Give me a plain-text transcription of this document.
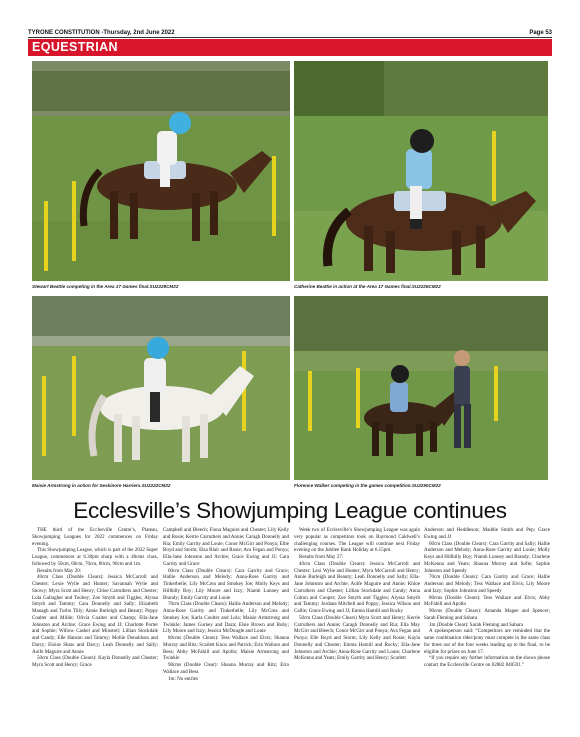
TYRONE CONSTITUTION -Thursday, 2nd June 2022	Page 53
EQUESTRIAN
Stewart Beattie competing in the Area 17 Games final.SU2229CM22	Catherine Beattie in action at the Area 17 Games final.SU2226CM22
Maisie Armstrong in action for Seskinore Harriers.SU2222CM22	Florence Walker competing in the games competition.SU2290CM22
Ecclesville’s Showjumping League continues

THE third of the Ecclesville Centre’s, Plateau, Showjumping Leagues for 2022 commences on Friday evening.

This Showjumping League, which is part of the 2022 Super League, commences at 6.30pm sharp with a 40cms class, followed by 50cm, 60cm, 70cm, 80cm, 90cm and 1m.

Results from May 20:

40cm Class (Double Clears): Jessica McCarroll and Chester; Lexie Wylie and Hunter; Savannah Wylie and Snowy; Myra Scott and Henry; Chloe Carruthers and Chester; Lola Gallagher and Toohey; Zoe Smyth and Tiggles; Alyssa Smyth and Tammy; Cara Donnelly and Sally; Elizabeth Managh and Turbo Tilly; Annie Burleigh and Beauty; Poppy Coalter and Millie; Olivia Coalter and Champ; Ella-Jane Johnston and Archie; Grace Ewing and JJ; Charlotte Porter and Sophie; Willow Cashel and Minstrel; Lillian Stockdale and Candy; Elle Hanson and Tammy; Mollie Donaldson and Darcy; Eloise Shaw and Darcy; Leah Donnelly and Sally; Aoife Maguire and Annie

50cm Class (Double Clears): Kayla Donnelly and Chester; Myra Scott and Henry; Grace

Campbell and Bleech; Fiona Maguire and Chester; Lily Kelly and Rosie; Kerrie Carruthers and Annie; Caragh Donnelly and Ria; Emily Garrity and Louie; Conor McGirr and Ponya; Ellie Boyd and Storm; Elsa Blair and Rosie; Ava Fegan and Ponya; Ella-Jane Johnston and Archie; Grace Ewing and JJ; Cara Garrity and Grace

60cm Class (Double Clears): Cara Garrity and Grace; Hallie Anderson and Melody; Anna-Rose Garrity and Tinkerbelle; Lily McCrea and Smokey Joe; Molly Keys and Hillbilly Boy; Lily Moore and Izzy; Niamh Lunney and Brandy; Emily Garrity and Louie

70cm Class (Double Clears): Hallie Anderson and Melody; Anna-Rose Garrity and Tinkerbelle; Lily McCrea and Smokey Joe; Karla Coulter and Lola; Maisie Armstrong and Twinkle; James Gurney and Daza; Elsie Brown and Ruby; Lily Moore and Izzy; Jessica McDougle and Louie

80cms (Double Clears): Tess Wallace and Elvis; Shauna Murray and Ritz; Scarlett Knox and Patrick; Erin Wallace and Bess; Abby McFahill and Apollo; Maisie Armstrong and Twinkle

90cms (Double Clear): Shauna Murray and Ritz; Erin Wallace and Bess

1m: No entries

Week two of Ecclesville’s Showjumping League was again very popular as competitors took on Raymond Caldwell’s challenging courses. The League will continue next Friday evening on the Jubilee Bank Holiday at 6.15pm.

Results from May 27:

40cm Class (Double Clears): Jessica McCarroll and Chester; Lexi Wylie and Hunter; Myra McCarroll and Henry; Annie Burleigh and Beauty; Leah Donnelly and Sally; Ella-Jane Johnston and Archie; Aoife Maguire and Annie; Khloe Carruthers and Chester; Lillian Stockdale and Candy; Anna Colton and Cooper; Zoe Smyth and Tiggles; Alyssa Smyth and Tammy; Jordana Mitchell and Poppy; Jessica Wilson and Callie; Grace Ewing and JJ; Emma Hamill and Rocky

50cm Class (Double Clears) Myra Scott and Henry; Kerrie Carruthers and Annie; Caragh Donnelly and Ria; Ella May McGirr and Bleech; Conor McGirr and Ponya; Ava Fegan and Ponya; Elle Boyd and Storm; Lily Kelly and Rosie; Kayla Donnelly and Chester; Emma Hamill and Rocky; Ella-Jane Johnston and Archie; Anna-Rose Garrity and Louie; Charlene McKenna and Yeats; Emily Garrity and Henry; Scarlett

Anderson and Heddleson; Maddie Smith and Pep; Grace Ewing and JJ

60cm Class (Double Clears): Cara Garrity and Sally; Hallie Anderson and Melody; Anna-Rose Garrity and Louie; Molly Keys and Hillbilly Boy; Niamh Lunney and Brandy; Charlene McKenna and Yeats; Shauna Murray and Sofie; Sophie Johnston and Speedy

70cm (Double Clears): Cara Garrity and Grace; Hallie Anderson and Melody; Tess Wallace and Elvis; Lily Moore and Izzy; Sophie Johnston and Speedy

80cms (Double Clears): Tess Wallace and Elvis; Abby McFahill and Apollo

90cms (Double Clears): Amanda Magee and Spencer; Sarah Fleming and Sahara

1m (Double Clear): Sarah Fleming and Sahara

A spokesperson said: “Competitors are reminded that the same combination rider/pony must compete in the same class for three out of the four weeks leading up to the final, to be eligible for prizes on June 17.

“If you require any further information on the shows please contact the Ecclesville Centre on 02882 840591.”
